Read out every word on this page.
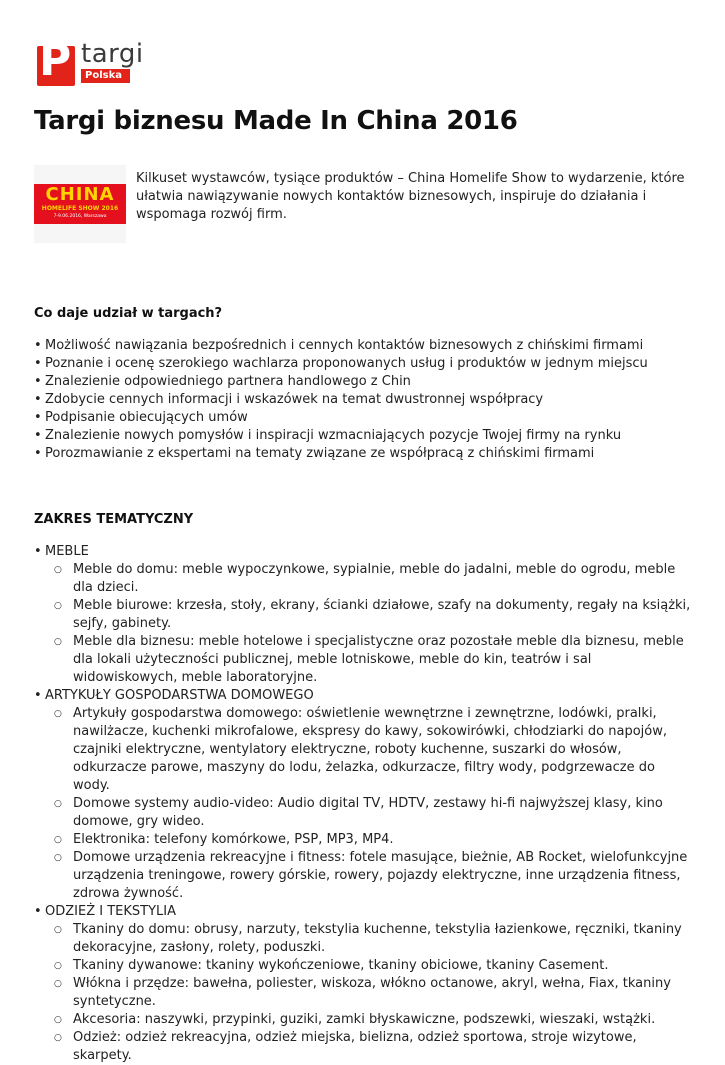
P targi
Polska
Targi biznesu Made In China 2016
CHINA
HOMELIFE SHOW 2016
7-9.06.2016, Warszawa

Kilkuset wystawców, tysiące produktów – China Homelife Show to wydarzenie, które ułatwia nawiązywanie nowych kontaktów biznesowych, inspiruje do działania i wspomaga rozwój firm.

Co daje udział w targach?
• Możliwość nawiązania bezpośrednich i cennych kontaktów biznesowych z chińskimi firmami
• Poznanie i ocenę szerokiego wachlarza proponowanych usług i produktów w jednym miejscu
• Znalezienie odpowiedniego partnera handlowego z Chin
• Zdobycie cennych informacji i wskazówek na temat dwustronnej współpracy
• Podpisanie obiecujących umów
• Znalezienie nowych pomysłów i inspiracji wzmacniających pozycje Twojej firmy na rynku
• Porozmawianie z ekspertami na tematy związane ze współpracą z chińskimi firmami
ZAKRES TEMATYCZNY
• MEBLE
○ Meble do domu: meble wypoczynkowe, sypialnie, meble do jadalni, meble do ogrodu, meble dla dzieci.
○ Meble biurowe: krzesła, stoły, ekrany, ścianki działowe, szafy na dokumenty, regały na książki, sejfy, gabinety.
○ Meble dla biznesu: meble hotelowe i specjalistyczne oraz pozostałe meble dla biznesu, meble dla lokali użyteczności publicznej, meble lotniskowe, meble do kin, teatrów i sal widowiskowych, meble laboratoryjne.
• ARTYKUŁY GOSPODARSTWA DOMOWEGO
○ Artykuły gospodarstwa domowego: oświetlenie wewnętrzne i zewnętrzne, lodówki, pralki, nawilżacze, kuchenki mikrofalowe, ekspresy do kawy, sokowirówki, chłodziarki do napojów, czajniki elektryczne, wentylatory elektryczne, roboty kuchenne, suszarki do włosów, odkurzacze parowe, maszyny do lodu, żelazka, odkurzacze, filtry wody, podgrzewacze do wody.
○ Domowe systemy audio-video: Audio digital TV, HDTV, zestawy hi-fi najwyższej klasy, kino domowe, gry wideo.
○ Elektronika: telefony komórkowe, PSP, MP3, MP4.
○ Domowe urządzenia rekreacyjne i fitness: fotele masujące, bieżnie, AB Rocket, wielofunkcyjne urządzenia treningowe, rowery górskie, rowery, pojazdy elektryczne, inne urządzenia fitness, zdrowa żywność.
• ODZIEŻ I TEKSTYLIA
○ Tkaniny do domu: obrusy, narzuty, tekstylia kuchenne, tekstylia łazienkowe, ręczniki, tkaniny dekoracyjne, zasłony, rolety, poduszki.
○ Tkaniny dywanowe: tkaniny wykończeniowe, tkaniny obiciowe, tkaniny Casement.
○ Włókna i przędze: bawełna, poliester, wiskoza, włókno octanowe, akryl, wełna, Fiax, tkaniny syntetyczne.
○ Akcesoria: naszywki, przypinki, guziki, zamki błyskawiczne, podszewki, wieszaki, wstążki.
○ Odzież: odzież rekreacyjna, odzież miejska, bielizna, odzież sportowa, stroje wizytowe, skarpety.
